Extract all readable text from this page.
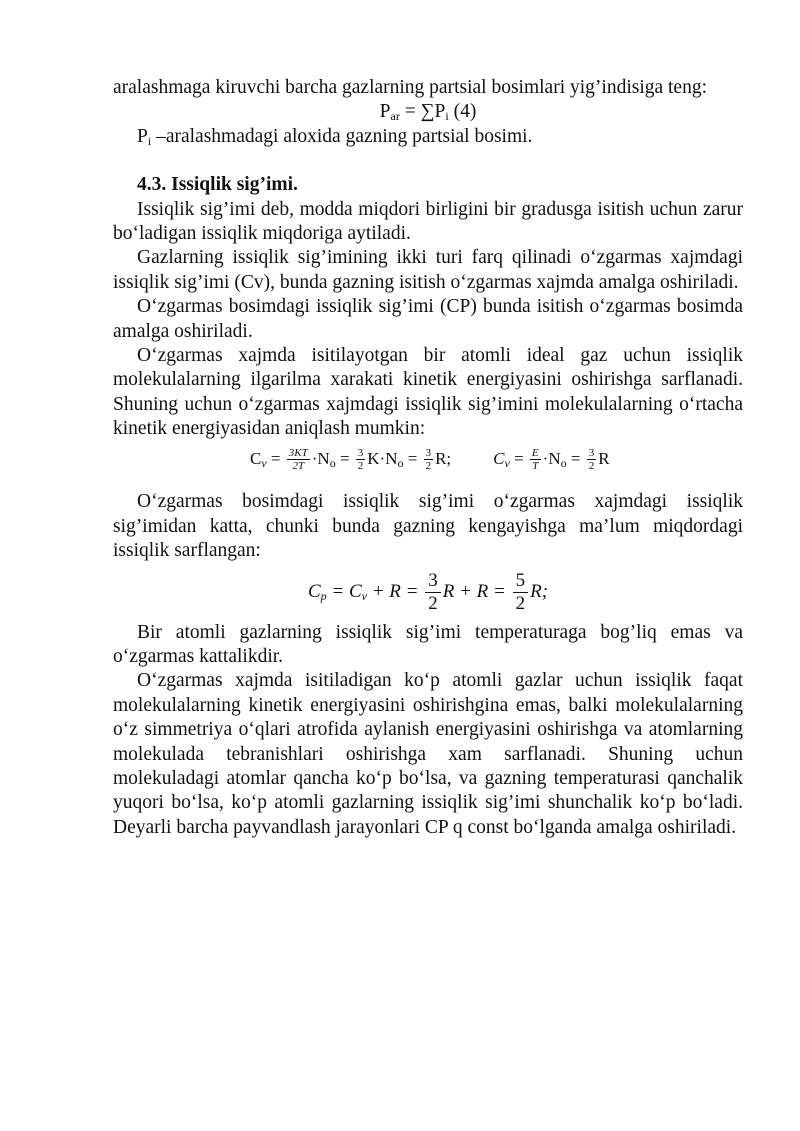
aralashmaga kiruvchi barcha gazlarning partsial bosimlari yig’indisiga teng:

$P_{ar} = \sum P_i$ (4)

$P_i$ –aralashmadagi aloxida gazning partsial bosimi.

4.3. Issiqlik sig’imi.

Issiqlik sig’imi deb, modda miqdori birligini bir gradusga isitish uchun zarur bo‘ladigan issiqlik miqdoriga aytiladi.

Gazlarning issiqlik sig’imining ikki turi farq qilinadi o‘zgarmas xajmdagi issiqlik sig’imi (Cv), bunda gazning isitish o‘zgarmas xajmda amalga oshiriladi.

O‘zgarmas bosimdagi issiqlik sig’imi (CP) bunda isitish o‘zgarmas bosimda amalga oshiriladi.

O‘zgarmas xajmda isitilayotgan bir atomli ideal gaz uchun issiqlik molekulalarning ilgarilma xarakati kinetik energiyasini oshirishga sarflanadi. Shuning uchun o‘zgarmas xajmdagi issiqlik sig’imini molekulalarning o‘rtacha kinetik energiyasidan aniqlash mumkin:

$C_v = \frac{3KT}{2T} \cdot N_o = \frac{3}{2} K\cdot N_o = \frac{3}{2} R$; $C_v = \frac{E}{T} \cdot N_o = \frac{3}{2}$ R

O‘zgarmas bosimdagi issiqlik sig’imi o‘zgarmas xajmdagi issiqlik sig’imidan katta, chunki bunda gazning kengayishga ma’lum miqdordagi issiqlik sarflangan:

$C_p = C_v + R = \frac{3}{2}$ $R + R = \frac{5}{2} R$;

Bir atomli gazlarning issiqlik sig’imi temperaturaga bog’liq emas va o‘zgarmas kattalikdir.

O‘zgarmas xajmda isitiladigan ko‘p atomli gazlar uchun issiqlik faqat molekulalarning kinetik energiyasini oshirishgina emas, balki molekulalarning o‘z simmetriya o‘qlari atrofida aylanish energiyasini oshirishga va atomlarning molekulada tebranishlari oshirishga xam sarflanadi. Shuning uchun molekuladagi atomlar qancha ko‘p bo‘lsa, va gazning temperaturasi qanchalik yuqori bo‘lsa, ko‘p atomli gazlarning issiqlik sig’imi shunchalik ko‘p bo‘ladi. Deyarli barcha payvandlash jarayonlari CP q const bo‘lganda amalga oshiriladi.
